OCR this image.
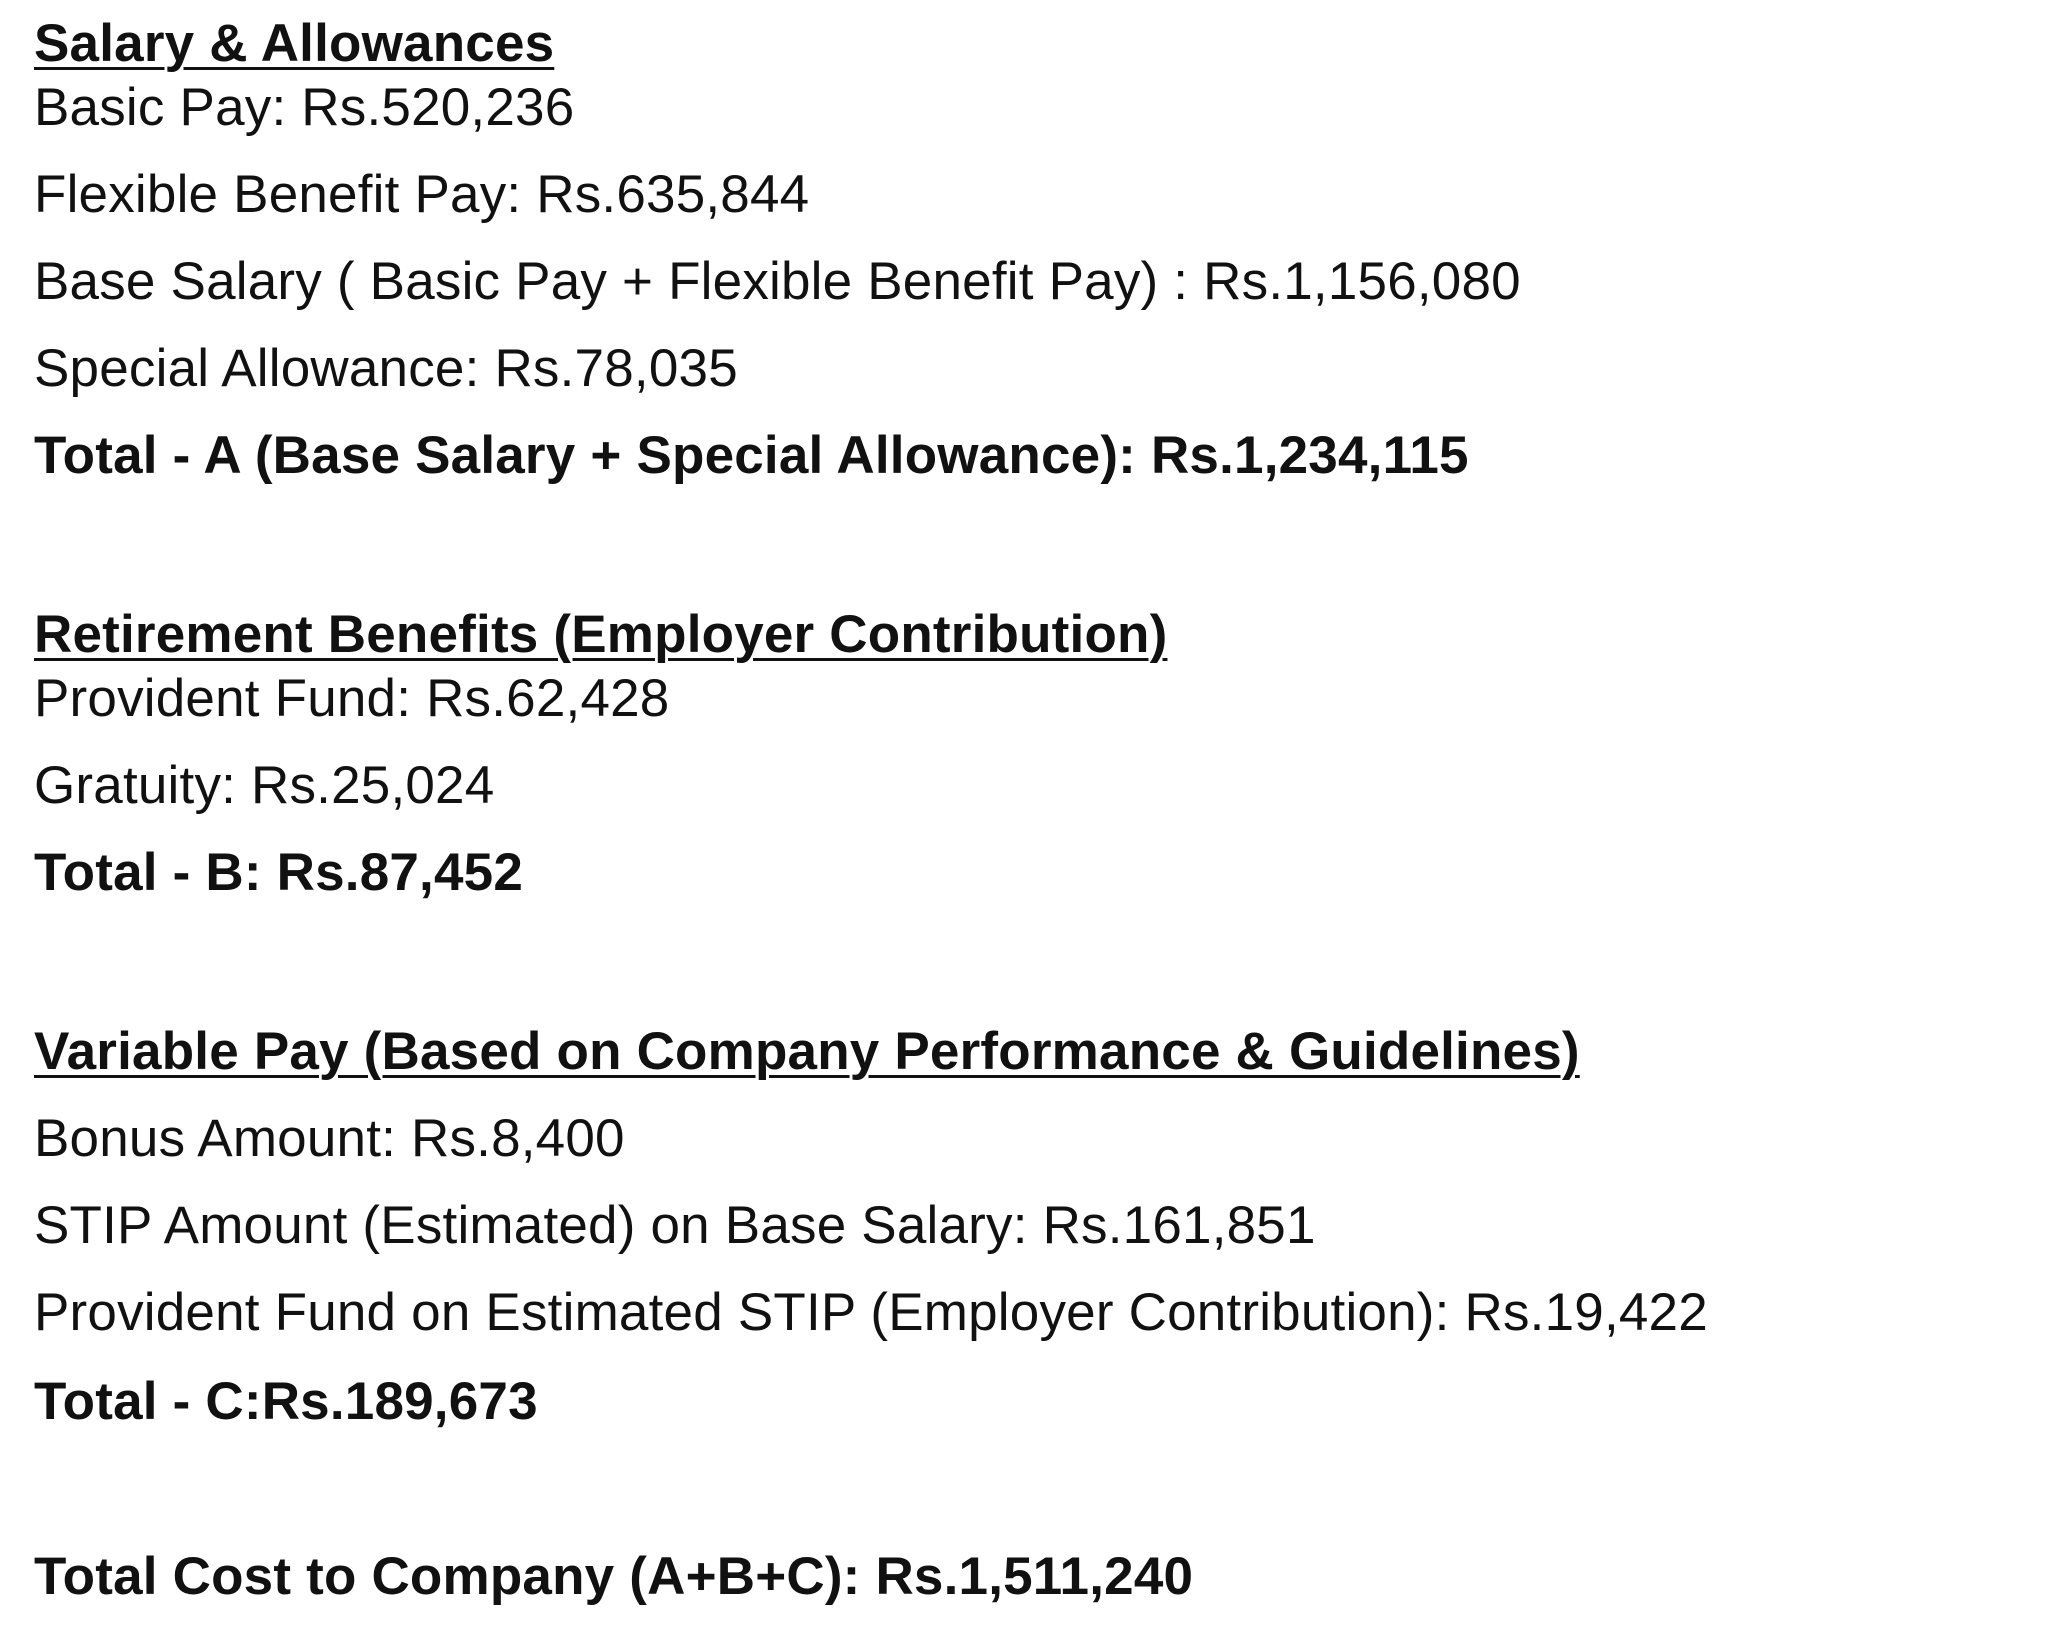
Salary & Allowances
Basic Pay: Rs.520,236
Flexible Benefit Pay: Rs.635,844
Base Salary ( Basic Pay + Flexible Benefit Pay) : Rs.1,156,080
Special Allowance: Rs.78,035
Total - A (Base Salary + Special Allowance): Rs.1,234,115
Retirement Benefits (Employer Contribution)
Provident Fund: Rs.62,428
Gratuity: Rs.25,024
Total - B: Rs.87,452
Variable Pay (Based on Company Performance & Guidelines)
Bonus Amount: Rs.8,400
STIP Amount (Estimated) on Base Salary: Rs.161,851
Provident Fund on Estimated STIP (Employer Contribution): Rs.19,422
Total - C:Rs.189,673
Total Cost to Company (A+B+C): Rs.1,511,240
